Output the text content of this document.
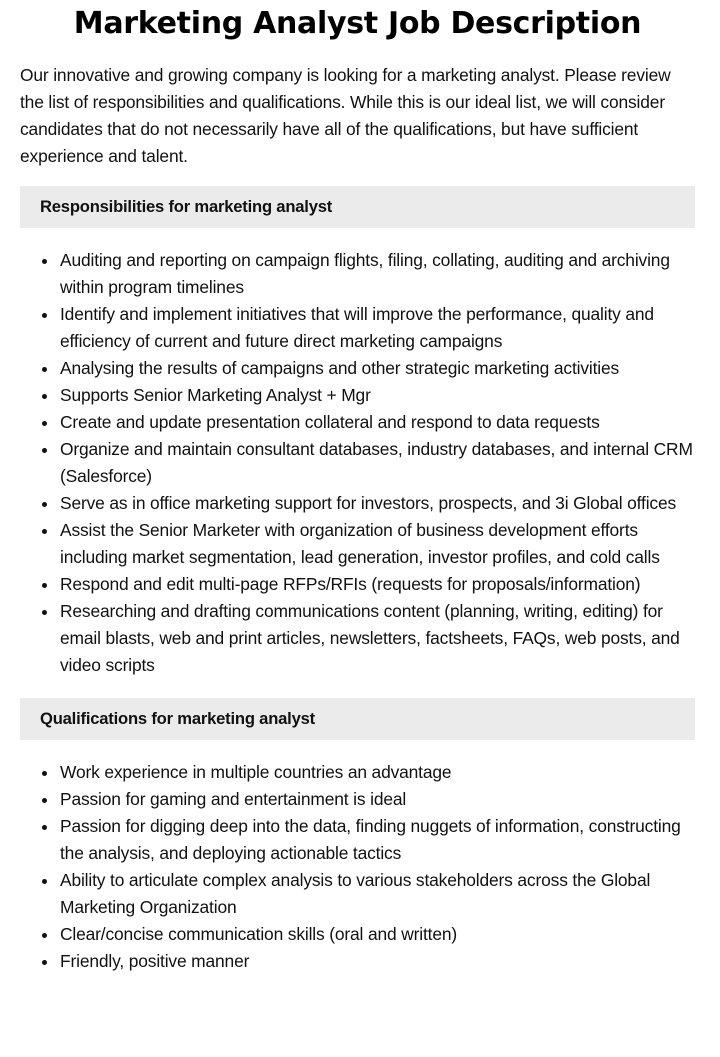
Marketing Analyst Job Description

Our innovative and growing company is looking for a marketing analyst. Please review the list of responsibilities and qualifications. While this is our ideal list, we will consider candidates that do not necessarily have all of the qualifications, but have sufficient experience and talent.

Responsibilities for marketing analyst
Auditing and reporting on campaign flights, filing, collating, auditing and archiving within program timelines
Identify and implement initiatives that will improve the performance, quality and efficiency of current and future direct marketing campaigns
Analysing the results of campaigns and other strategic marketing activities
Supports Senior Marketing Analyst + Mgr
Create and update presentation collateral and respond to data requests
Organize and maintain consultant databases, industry databases, and internal CRM (Salesforce)
Serve as in office marketing support for investors, prospects, and 3i Global offices
Assist the Senior Marketer with organization of business development efforts including market segmentation, lead generation, investor profiles, and cold calls
Respond and edit multi-page RFPs/RFIs (requests for proposals/information)
Researching and drafting communications content (planning, writing, editing) for email blasts, web and print articles, newsletters, factsheets, FAQs, web posts, and video scripts
Qualifications for marketing analyst
Work experience in multiple countries an advantage
Passion for gaming and entertainment is ideal
Passion for digging deep into the data, finding nuggets of information, constructing the analysis, and deploying actionable tactics
Ability to articulate complex analysis to various stakeholders across the Global Marketing Organization
Clear/concise communication skills (oral and written)
Friendly, positive manner
